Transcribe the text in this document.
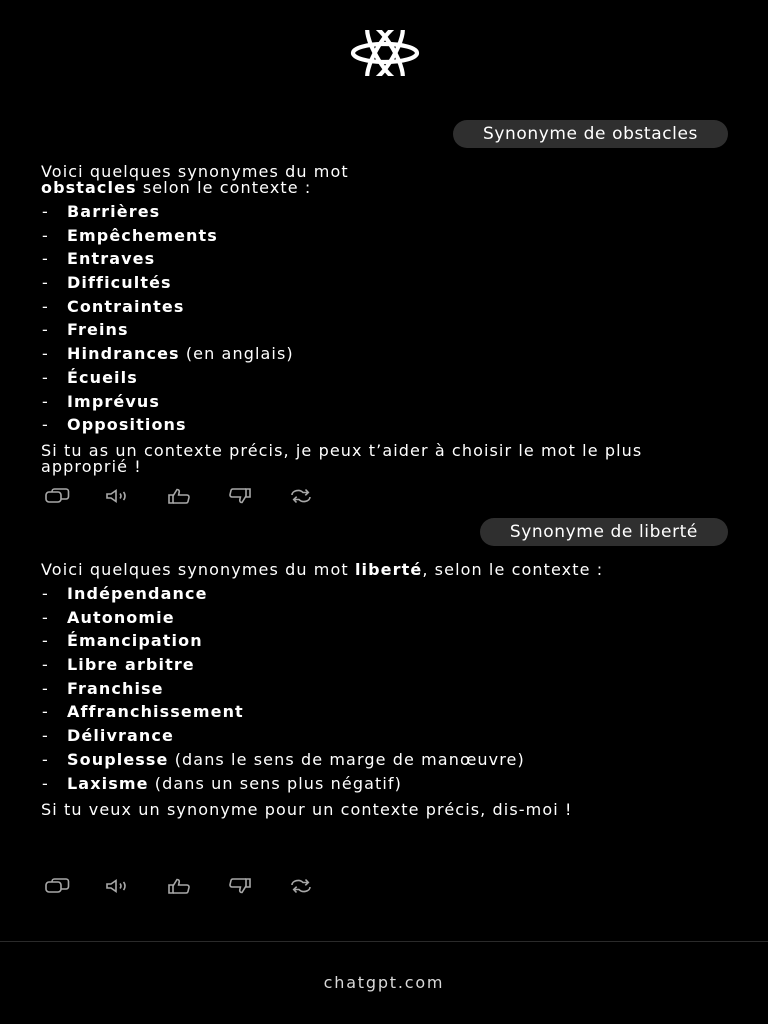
Synonyme de obstacles
Voici quelques synonymes du mot
obstacles selon le contexte :
- Barrières
- Empêchements
- Entraves
- Difficultés
- Contraintes
- Freins
- Hindrances (en anglais)
- Écueils
- Imprévus
- Oppositions
Si tu as un contexte précis, je peux t’aider à choisir le mot le plus approprié !
Synonyme de liberté
Voici quelques synonymes du mot liberté, selon le contexte :
- Indépendance
- Autonomie
- Émancipation
- Libre arbitre
- Franchise
- Affranchissement
- Délivrance
- Souplesse (dans le sens de marge de manœuvre)
- Laxisme (dans un sens plus négatif)
Si tu veux un synonyme pour un contexte précis, dis-moi !
chatgpt.com
